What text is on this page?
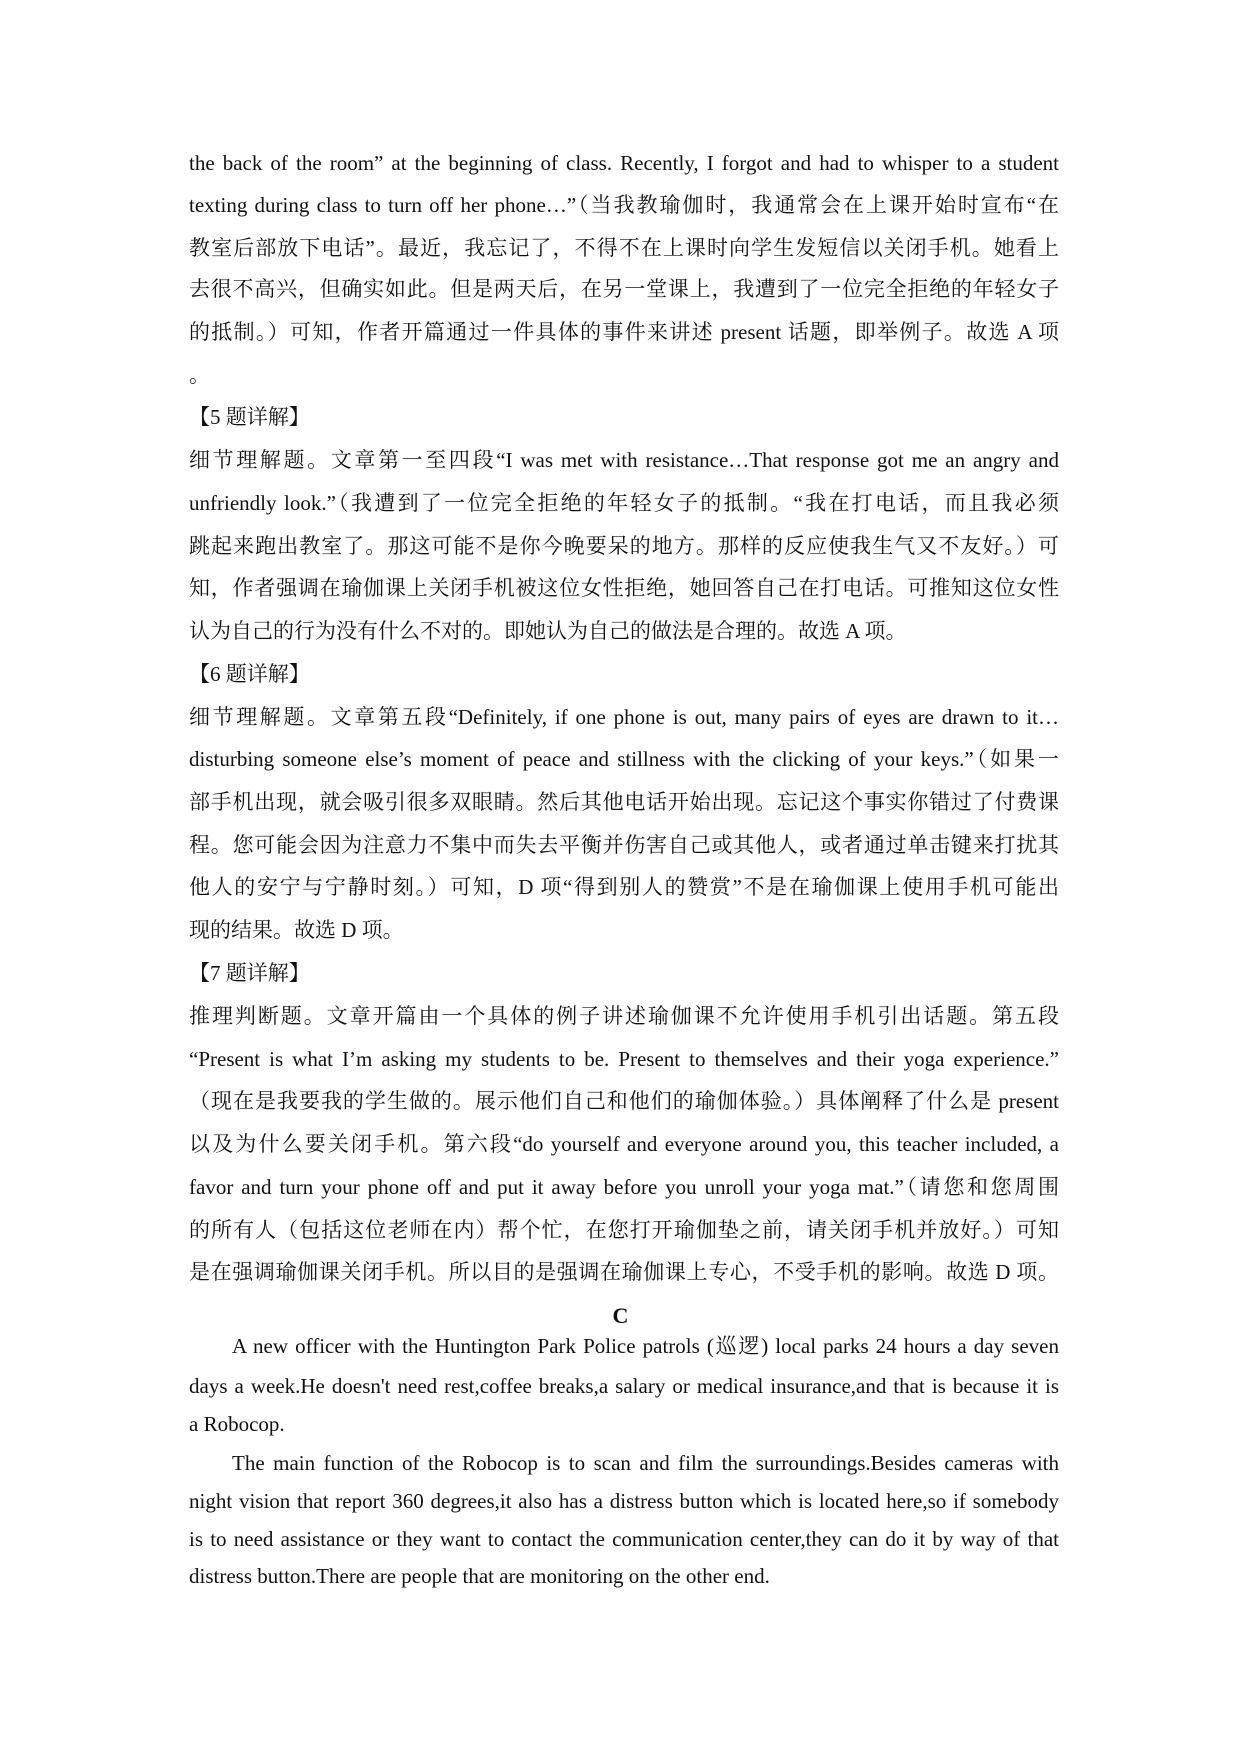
the back of the room” at the beginning of class. Recently, I forgot and had to whisper to a student
texting during class to turn off her phone…”（当我教瑜伽时，我通常会在上课开始时宣布“在
教室后部放下电话”。最近，我忘记了，不得不在上课时向学生发短信以关闭手机。她看上
去很不高兴，但确实如此。但是两天后，在另一堂课上，我遭到了一位完全拒绝的年轻女子
的抵制。）可知，作者开篇通过一件具体的事件来讲述 present 话题，即举例子。故选 A 项
。
【5 题详解】
细节理解题。文章第一至四段“I was met with resistance…That response got me an angry and
unfriendly look.”（我遭到了一位完全拒绝的年轻女子的抵制。“我在打电话，而且我必须
跳起来跑出教室了。那这可能不是你今晚要呆的地方。那样的反应使我生气又不友好。）可
知，作者强调在瑜伽课上关闭手机被这位女性拒绝，她回答自己在打电话。可推知这位女性
认为自己的行为没有什么不对的。即她认为自己的做法是合理的。故选 A 项。
【6 题详解】
细节理解题。文章第五段“Definitely, if one phone is out, many pairs of eyes are drawn to it…
disturbing someone else’s moment of peace and stillness with the clicking of your keys.”（如果一
部手机出现，就会吸引很多双眼睛。然后其他电话开始出现。忘记这个事实你错过了付费课
程。您可能会因为注意力不集中而失去平衡并伤害自己或其他人，或者通过单击键来打扰其
他人的安宁与宁静时刻。）可知，D 项“得到别人的赞赏”不是在瑜伽课上使用手机可能出
现的结果。故选 D 项。
【7 题详解】
推理判断题。文章开篇由一个具体的例子讲述瑜伽课不允许使用手机引出话题。第五段
“Present is what I’m asking my students to be. Present to themselves and their yoga experience.”
（现在是我要我的学生做的。展示他们自己和他们的瑜伽体验。）具体阐释了什么是 present
以及为什么要关闭手机。第六段“do yourself and everyone around you, this teacher included, a
favor and turn your phone off and put it away before you unroll your yoga mat.”（请您和您周围
的所有人（包括这位老师在内）帮个忙，在您打开瑜伽垫之前，请关闭手机并放好。）可知
是在强调瑜伽课关闭手机。所以目的是强调在瑜伽课上专心，不受手机的影响。故选 D 项。
C
A new officer with the Huntington Park Police patrols (巡逻) local parks 24 hours a day seven
days a week.He doesn't need rest,coffee breaks,a salary or medical insurance,and that is because it is
a Robocop.
The main function of the Robocop is to scan and film the surroundings.Besides cameras with
night vision that report 360 degrees,it also has a distress button which is located here,so if somebody
is to need assistance or they want to contact the communication center,they can do it by way of that
distress button.There are people that are monitoring on the other end.
